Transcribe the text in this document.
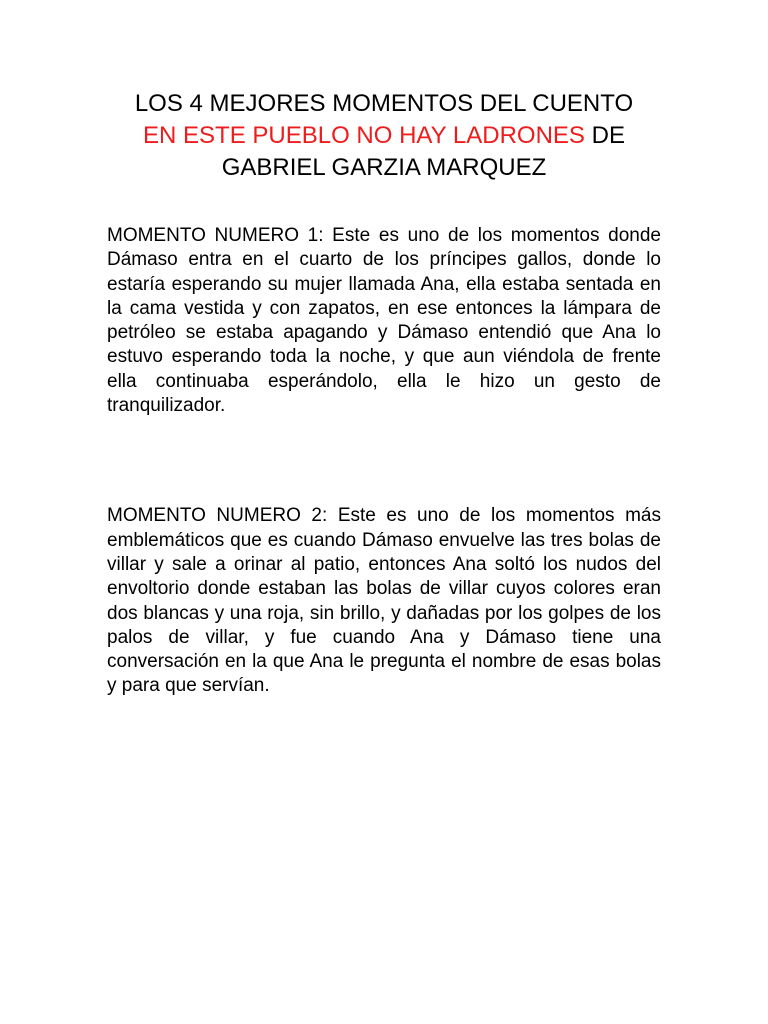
LOS 4 MEJORES MOMENTOS DEL CUENTO
EN ESTE PUEBLO NO HAY LADRONES DE
GABRIEL GARZIA MARQUEZ

MOMENTO NUMERO 1: Este es uno de los momentos donde Dámaso entra en el cuarto de los príncipes gallos, donde lo estaría esperando su mujer llamada Ana, ella estaba sentada en la cama vestida y con zapatos, en ese entonces la lámpara de petróleo se estaba apagando y Dámaso entendió que Ana lo estuvo esperando toda la noche, y que aun viéndola de frente ella continuaba esperándolo, ella le hizo un gesto de tranquilizador.

MOMENTO NUMERO 2: Este es uno de los momentos más emblemáticos que es cuando Dámaso envuelve las tres bolas de villar y sale a orinar al patio, entonces Ana soltó los nudos del envoltorio donde estaban las bolas de villar cuyos colores eran dos blancas y una roja, sin brillo, y dañadas por los golpes de los palos de villar, y fue cuando Ana y Dámaso tiene una conversación en la que Ana le pregunta el nombre de esas bolas y para que servían.
